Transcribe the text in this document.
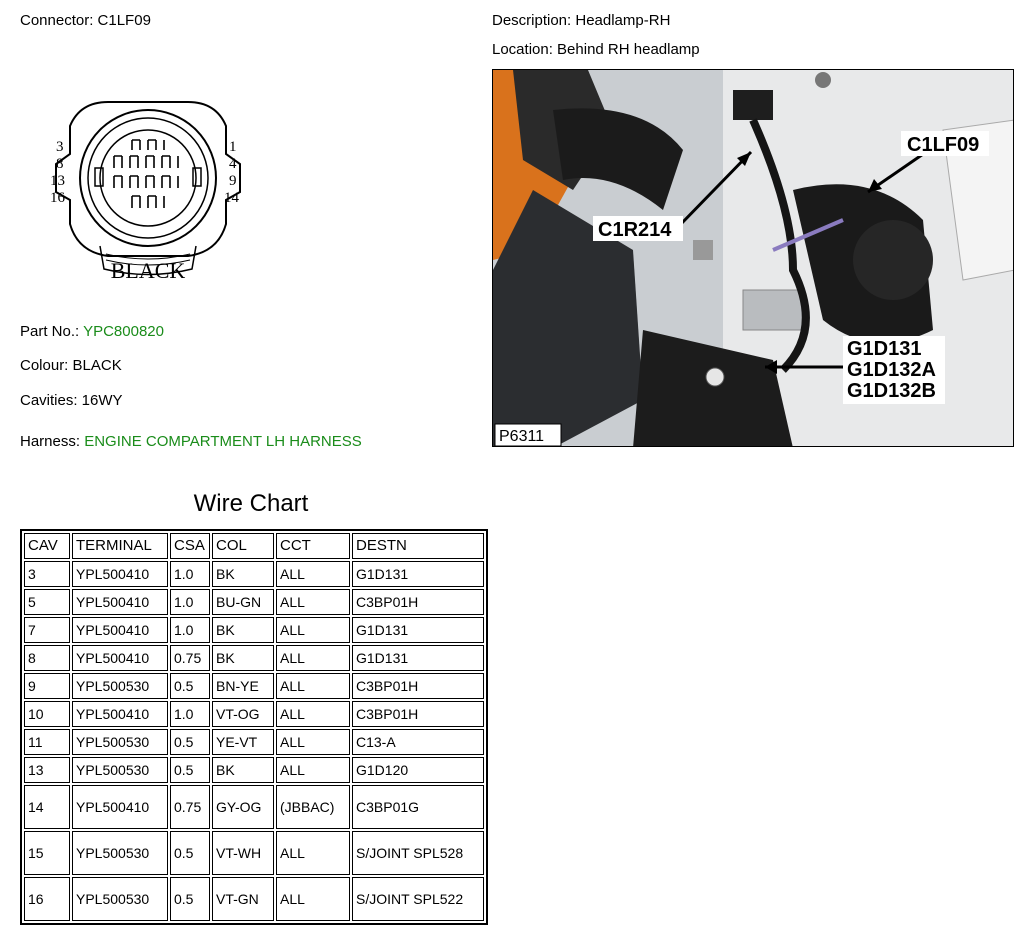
Connector: C1LF09	Description: Headlamp-RH
Location: Behind RH headlamp
3
8
13
16
1
4
9
14
BLACK
Part No.: YPC800820
Colour: BLACK
Cavities: 16WY
Harness: ENGINE COMPARTMENT LH HARNESS
C1LF09
C1R214
G1D131
G1D132A
G1D132B
P6311
Wire Chart
CAV	TERMINAL	CSA	COL	CCT	DESTN
3	YPL500410	1.0	BK	ALL	G1D131
5	YPL500410	1.0	BU-GN	ALL	C3BP01H
7	YPL500410	1.0	BK	ALL	G1D131
8	YPL500410	0.75	BK	ALL	G1D131
9	YPL500530	0.5	BN-YE	ALL	C3BP01H
10	YPL500410	1.0	VT-OG	ALL	C3BP01H
11	YPL500530	0.5	YE-VT	ALL	C13-A
13	YPL500530	0.5	BK	ALL	G1D120
14	YPL500410	0.75	GY-OG	(JBBAC)	C3BP01G
15	YPL500530	0.5	VT-WH	ALL	S/JOINT SPL528
16	YPL500530	0.5	VT-GN	ALL	S/JOINT SPL522
